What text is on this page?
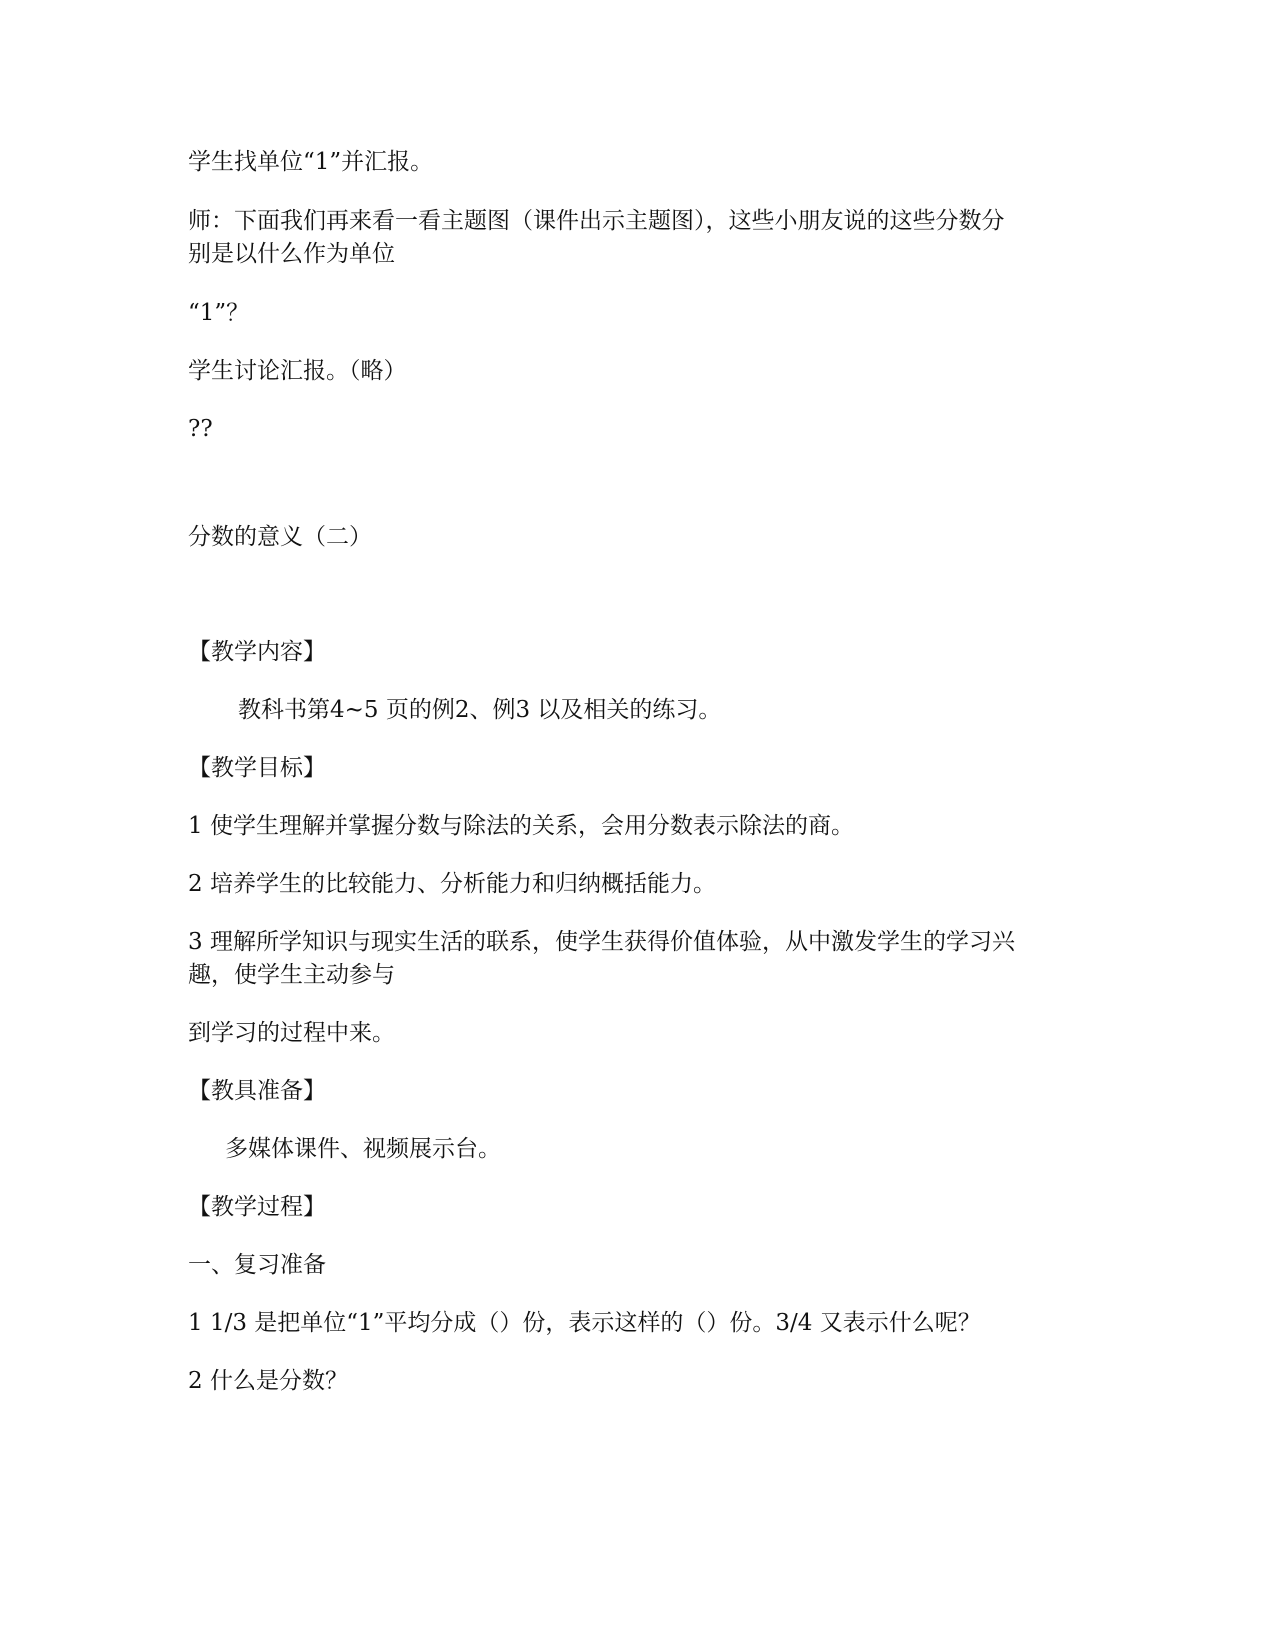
学生找单位“1”并汇报。

师：下面我们再来看一看主题图（课件出示主题图），这些小朋友说的这些分数分

别是以什么作为单位

“1”？

学生讨论汇报。（略）

??

分数的意义（二）

【教学内容】

教科书第4~5 页的例2、例3 以及相关的练习。

【教学目标】

1 使学生理解并掌握分数与除法的关系，会用分数表示除法的商。

2 培养学生的比较能力、分析能力和归纳概括能力。

3 理解所学知识与现实生活的联系，使学生获得价值体验，从中激发学生的学习兴

趣，使学生主动参与

到学习的过程中来。

【教具准备】

多媒体课件、视频展示台。

【教学过程】

一、复习准备

1 1/3 是把单位“1”平均分成（）份，表示这样的（）份。3/4 又表示什么呢？

2 什么是分数？
